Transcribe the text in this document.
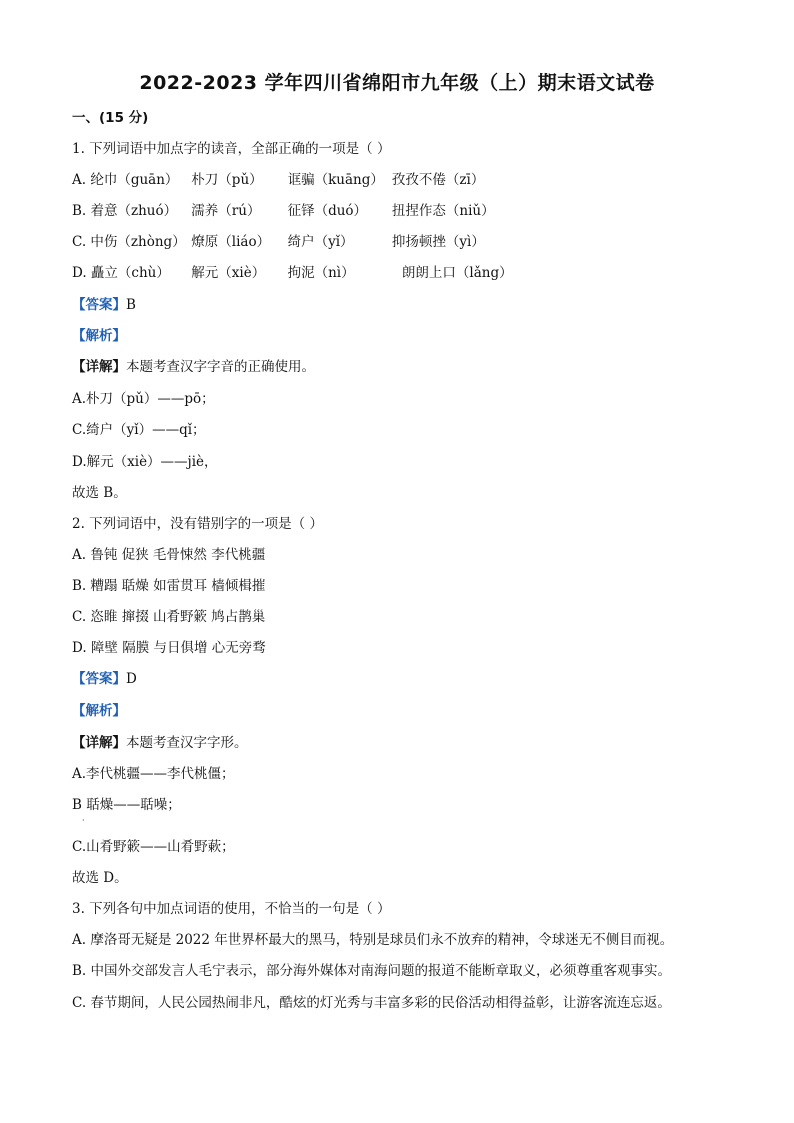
2022-2023 学年四川省绵阳市九年级（上）期末语文试卷
一、(15 分)
1. 下列词语中加点字的读音，全部正确的一项是（ ）
A. 纶巾（guān） 朴刀（pǔ） 诓骗（kuāng） 孜孜不倦（zī）
B. 着意（zhuó） 濡养（rú） 征铎（duó） 扭捏作态（niǔ）
C. 中伤（zhòng） 燎原（liáo） 绮户（yǐ）	抑扬顿挫（yì）
D. 矗立（chù） 解元（xiè） 拘泥（nì）	朗朗上口（lǎng）
【答案】B
【解析】
【详解】本题考查汉字字音的正确使用。
A.朴刀（pǔ）——pō；
C.绮户（yǐ）——qǐ；
D.解元（xiè）——jiè，
故选 B。
2. 下列词语中，没有错别字的一项是（ ）
A. 鲁钝 促狭 毛骨悚然 李代桃疆
B. 糟蹋 聒燥 如雷贯耳 樯倾楫摧
C. 恣睢 撺掇 山肴野簌 鸠占鹊巢
D. 障壁 隔膜 与日俱增 心无旁骛
【答案】D
【解析】
【详解】本题考查汉字字形。
A.李代桃疆——李代桃僵；
B 聒燥——聒噪；
·
C.山肴野簌——山肴野蔌；
故选 D。
3. 下列各句中加点词语的使用，不恰当的一句是（ ）
A. 摩洛哥无疑是 2022 年世界杯最大的黑马，特别是球员们永不放弃的精神，令球迷无不侧目而视。
B. 中国外交部发言人毛宁表示，部分海外媒体对南海问题的报道不能断章取义，必须尊重客观事实。
C. 春节期间，人民公园热闹非凡，酷炫的灯光秀与丰富多彩的民俗活动相得益彰，让游客流连忘返。
